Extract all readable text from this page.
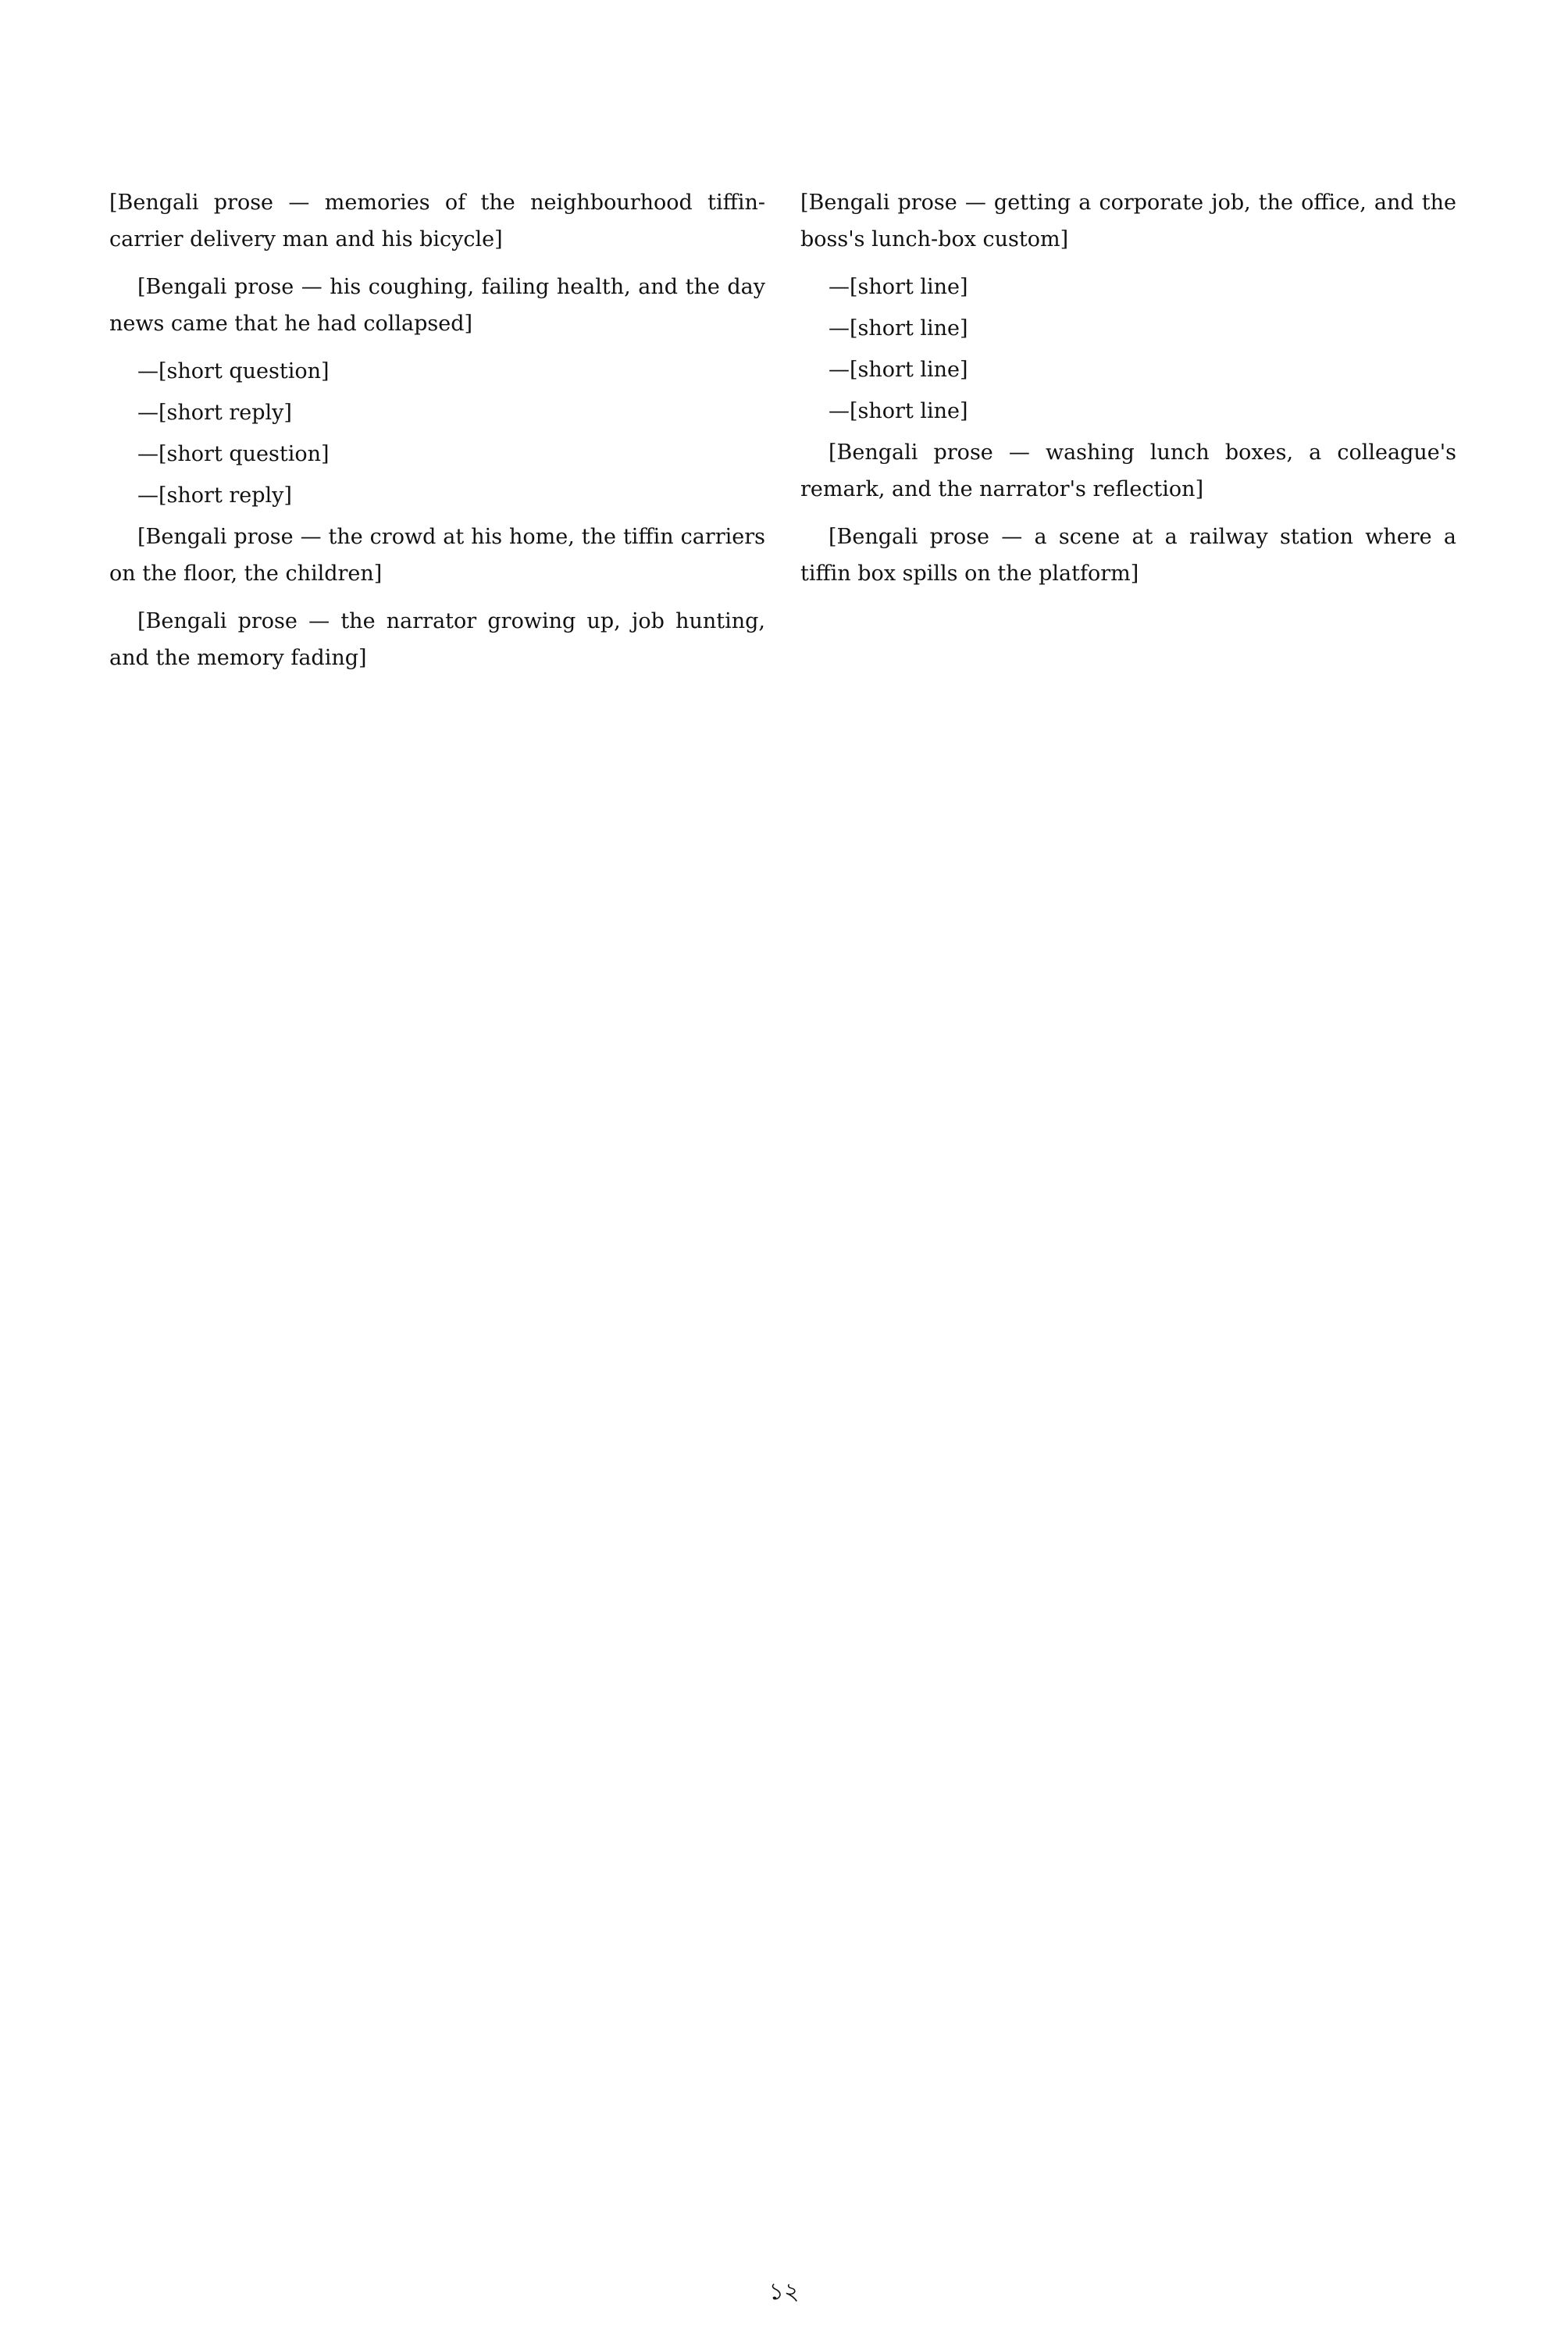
[Bengali prose — memories of the neighbourhood tiffin-carrier delivery man and his bicycle]

[Bengali prose — his coughing, failing health, and the day news came that he had collapsed]

—[short question]

—[short reply]

—[short question]

—[short reply]

[Bengali prose — the crowd at his home, the tiffin carriers on the floor, the children]

[Bengali prose — the narrator growing up, job hunting, and the memory fading]

[Bengali prose — getting a corporate job, the office, and the boss's lunch-box custom]

—[short line]

—[short line]

—[short line]

—[short line]

[Bengali prose — washing lunch boxes, a colleague's remark, and the narrator's reflection]

[Bengali prose — a scene at a railway station where a tiffin box spills on the platform]

১২
